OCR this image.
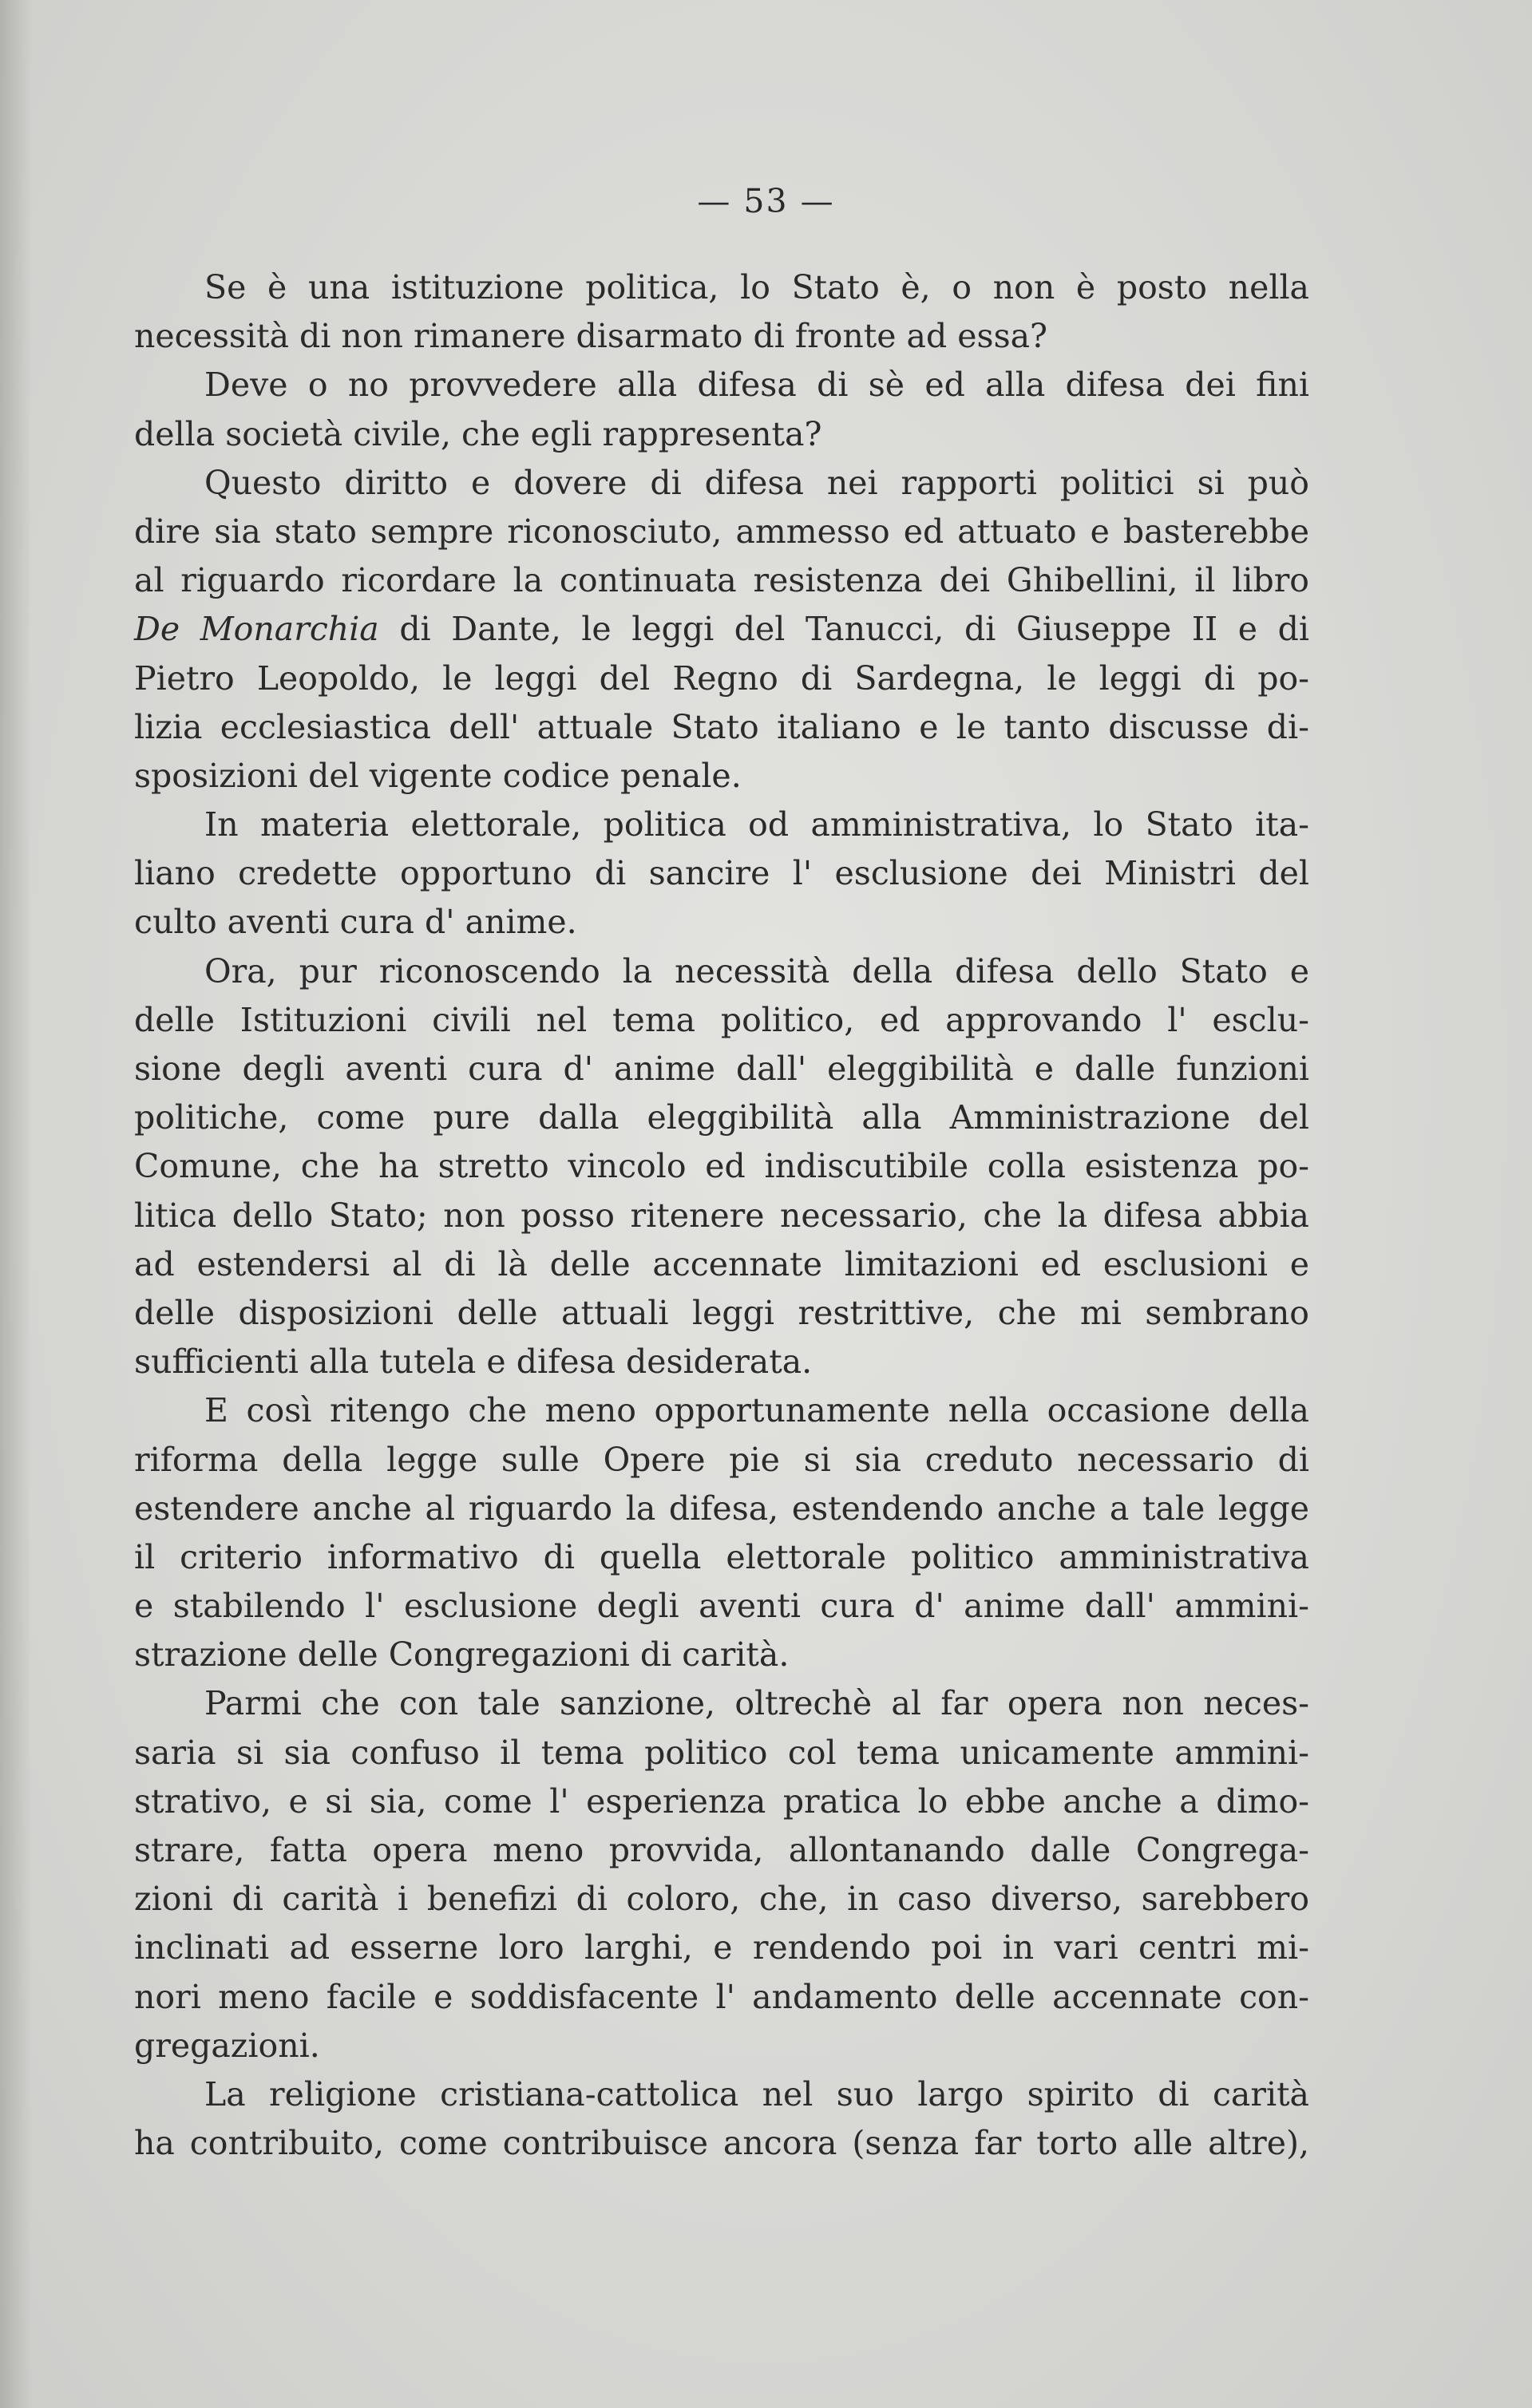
— 53 —
Se è una istituzione politica, lo Stato è, o non è posto nella
necessità di non rimanere disarmato di fronte ad essa?
Deve o no provvedere alla difesa di sè ed alla difesa dei fini
della società civile, che egli rappresenta?
Questo diritto e dovere di difesa nei rapporti politici si può
dire sia stato sempre riconosciuto, ammesso ed attuato e basterebbe
al riguardo ricordare la continuata resistenza dei Ghibellini, il libro
De Monarchia di Dante, le leggi del Tanucci, di Giuseppe II e di
Pietro Leopoldo, le leggi del Regno di Sardegna, le leggi di po-
lizia ecclesiastica dell' attuale Stato italiano e le tanto discusse di-
sposizioni del vigente codice penale.
In materia elettorale, politica od amministrativa, lo Stato ita-
liano credette opportuno di sancire l' esclusione dei Ministri del
culto aventi cura d' anime.
Ora, pur riconoscendo la necessità della difesa dello Stato e
delle Istituzioni civili nel tema politico, ed approvando l' esclu-
sione degli aventi cura d' anime dall' eleggibilità e dalle funzioni
politiche, come pure dalla eleggibilità alla Amministrazione del
Comune, che ha stretto vincolo ed indiscutibile colla esistenza po-
litica dello Stato; non posso ritenere necessario, che la difesa abbia
ad estendersi al di là delle accennate limitazioni ed esclusioni e
delle disposizioni delle attuali leggi restrittive, che mi sembrano
sufficienti alla tutela e difesa desiderata.
E così ritengo che meno opportunamente nella occasione della
riforma della legge sulle Opere pie si sia creduto necessario di
estendere anche al riguardo la difesa, estendendo anche a tale legge
il criterio informativo di quella elettorale politico amministrativa
e stabilendo l' esclusione degli aventi cura d' anime dall' ammini-
strazione delle Congregazioni di carità.
Parmi che con tale sanzione, oltrechè al far opera non neces-
saria si sia confuso il tema politico col tema unicamente ammini-
strativo, e si sia, come l' esperienza pratica lo ebbe anche a dimo-
strare, fatta opera meno provvida, allontanando dalle Congrega-
zioni di carità i benefizi di coloro, che, in caso diverso, sarebbero
inclinati ad esserne loro larghi, e rendendo poi in vari centri mi-
nori meno facile e soddisfacente l' andamento delle accennate con-
gregazioni.
La religione cristiana-cattolica nel suo largo spirito di carità
ha contribuito, come contribuisce ancora (senza far torto alle altre),
